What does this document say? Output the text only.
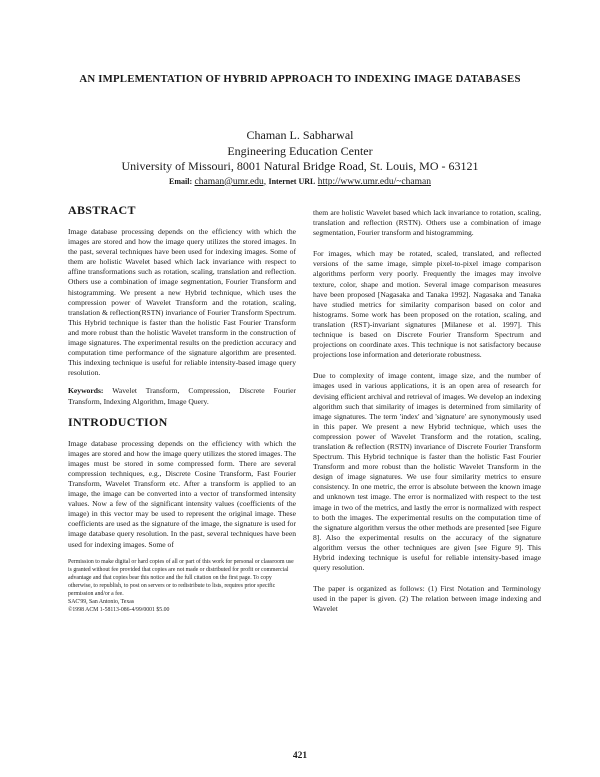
AN IMPLEMENTATION OF HYBRID APPROACH TO INDEXING IMAGE DATABASES
Chaman L. Sabharwal
Engineering Education Center
University of Missouri, 8001 Natural Bridge Road, St. Louis, MO - 63121
Email: chaman@umr.edu, Internet URL http://www.umr.edu/~chaman
ABSTRACT

Image database processing depends on the efficiency with which the images are stored and how the image query utilizes the stored images. In the past, several techniques have been used for indexing images. Some of them are holistic Wavelet based which lack invariance with respect to affine transformations such as rotation, scaling, translation and reflection. Others use a combination of image segmentation, Fourier Transform and histogramming. We present a new Hybrid technique, which uses the compression power of Wavelet Transform and the rotation, scaling, translation & reflection(RSTN) invariance of Fourier Transform Spectrum. This Hybrid technique is faster than the holistic Fast Fourier Transform and more robust than the holistic Wavelet transform in the construction of image signatures. The experimental results on the prediction accuracy and computation time performance of the signature algorithm are presented. This indexing technique is useful for reliable intensity-based image query resolution.

Keywords: Wavelet Transform, Compression, Discrete Fourier Transform, Indexing Algorithm, Image Query.

INTRODUCTION

Image database processing depends on the efficiency with which the images are stored and how the image query utilizes the stored images. The images must be stored in some compressed form. There are several compression techniques, e.g., Discrete Cosine Transform, Fast Fourier Transform, Wavelet Transform etc. After a transform is applied to an image, the image can be converted into a vector of transformed intensity values. Now a few of the significant intensity values (coefficients of the image) in this vector may be used to represent the original image. These coefficients are used as the signature of the image, the signature is used for image database query resolution. In the past, several techniques have been used for indexing images. Some of

Permission to make digital or hard copies of all or part of this work for personal or classroom use is granted without fee provided that copies are not made or distributed for profit or commercial advantage and that copies bear this notice and the full citation on the first page. To copy otherwise, to republish, to post on servers or to redistribute to lists, requires prior specific permission and/or a fee.
SAC'99, San Antonio, Texas
©1998 ACM 1-58113-086-4/99/0001 $5.00

them are holistic Wavelet based which lack invariance to rotation, scaling, translation and reflection (RSTN). Others use a combination of image segmentation, Fourier transform and histogramming.

For images, which may be rotated, scaled, translated, and reflected versions of the same image, simple pixel-to-pixel image comparison algorithms perform very poorly. Frequently the images may involve texture, color, shape and motion. Several image comparison measures have been proposed [Nagasaka and Tanaka 1992]. Nagasaka and Tanaka have studied metrics for similarity comparison based on color and histograms. Some work has been proposed on the rotation, scaling, and translation (RST)-invariant signatures [Milanese et al. 1997]. This technique is based on Discrete Fourier Transform Spectrum and projections on coordinate axes. This technique is not satisfactory because projections lose information and deteriorate robustness.

Due to complexity of image content, image size, and the number of images used in various applications, it is an open area of research for devising efficient archival and retrieval of images. We develop an indexing algorithm such that similarity of images is determined from similarity of image signatures. The term 'index' and 'signature' are synonymously used in this paper. We present a new Hybrid technique, which uses the compression power of Wavelet Transform and the rotation, scaling, translation & reflection (RSTN) invariance of Discrete Fourier Transform Spectrum. This Hybrid technique is faster than the holistic Fast Fourier Transform and more robust than the holistic Wavelet Transform in the design of image signatures. We use four similarity metrics to ensure consistency. In one metric, the error is absolute between the known image and unknown test image. The error is normalized with respect to the test image in two of the metrics, and lastly the error is normalized with respect to both the images. The experimental results on the computation time of the signature algorithm versus the other methods are presented [see Figure 8]. Also the experimental results on the accuracy of the signature algorithm versus the other techniques are given [see Figure 9]. This Hybrid indexing technique is useful for reliable intensity-based image query resolution.

The paper is organized as follows: (1) First Notation and Terminology used in the paper is given. (2) The relation between image indexing and Wavelet

421
